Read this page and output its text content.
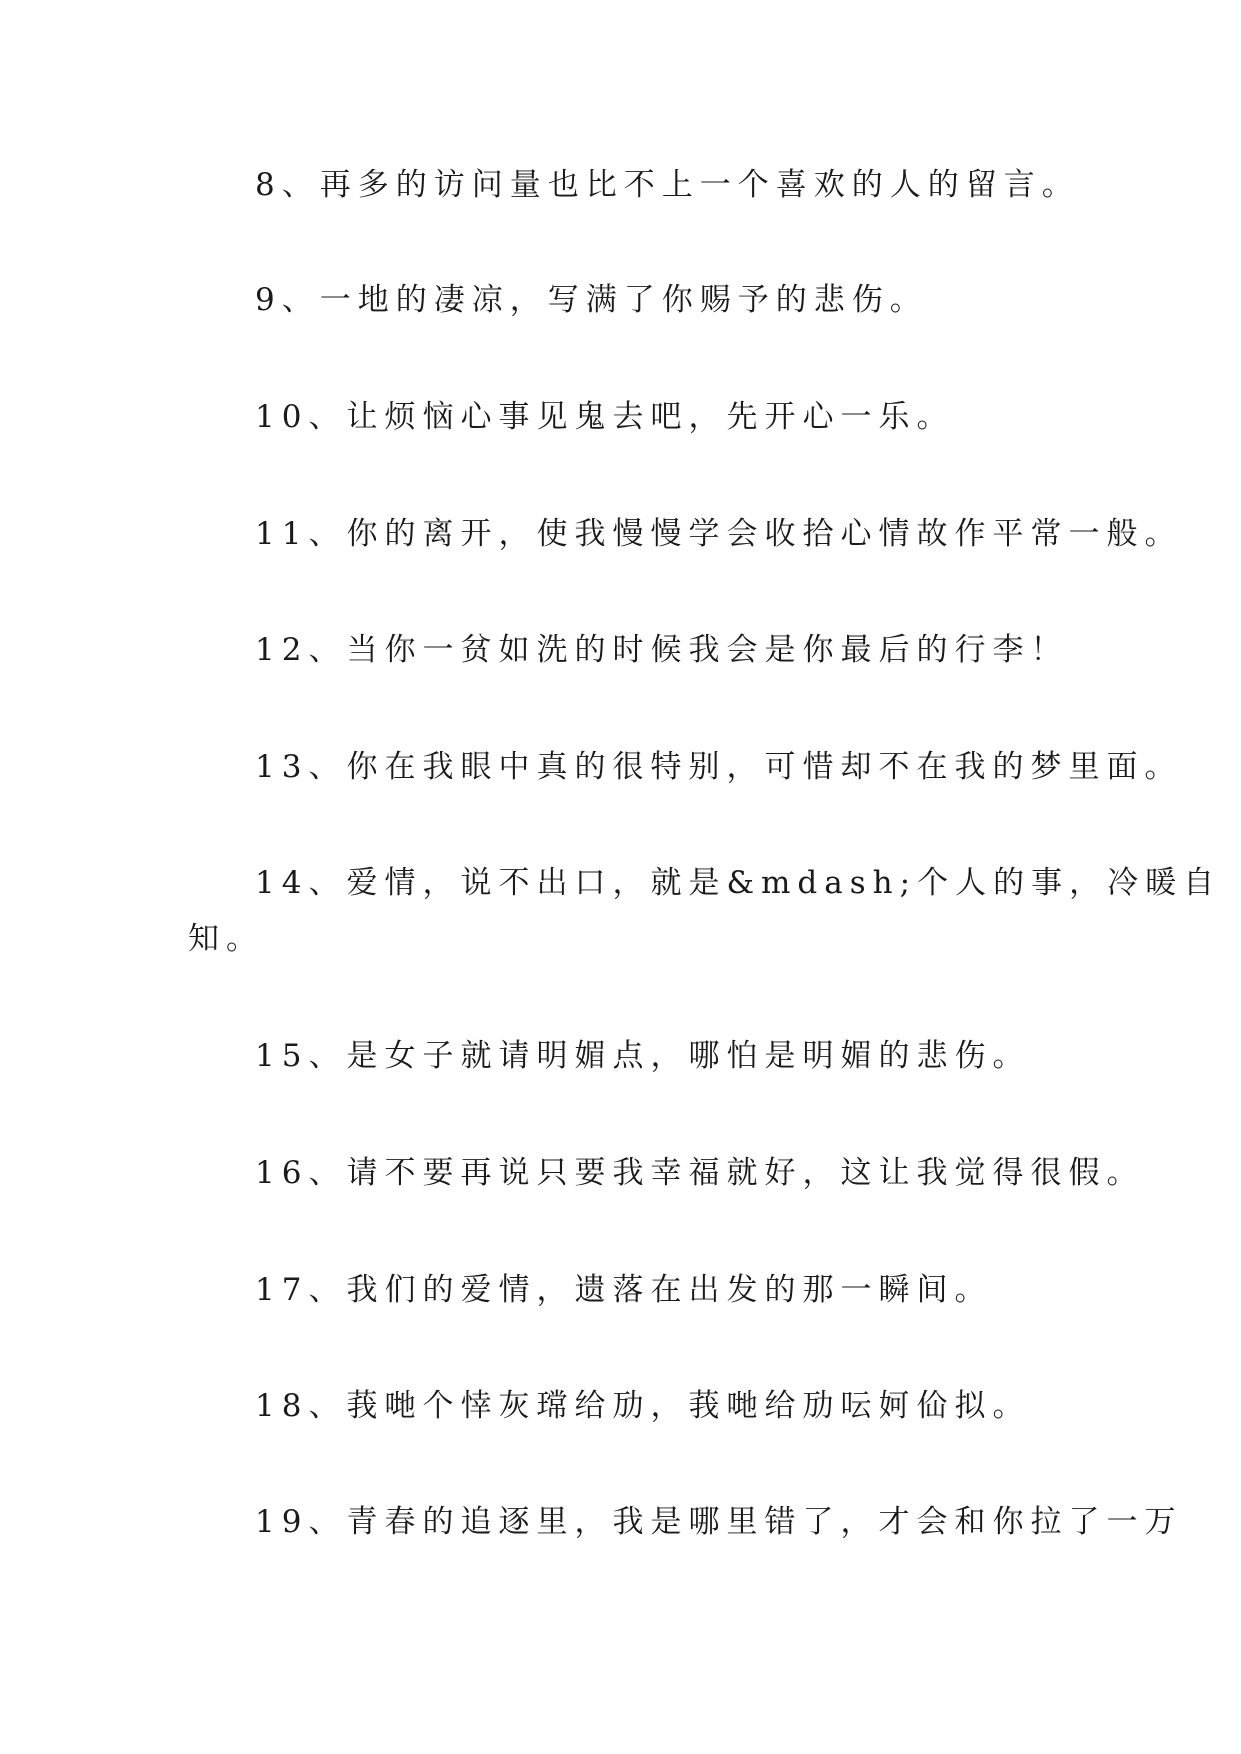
8、再多的访问量也比不上一个喜欢的人的留言。
9、一地的凄凉，写满了你赐予的悲伤。
10、让烦恼心事见鬼去吧，先开心一乐。
11、你的离开，使我慢慢学会收拾心情故作平常一般。
12、当你一贫如洗的时候我会是你最后的行李！
13、你在我眼中真的很特别，可惜却不在我的梦里面。
14、爱情，说不出口，就是&mdash;个人的事，冷暖自
知。
15、是女子就请明媚点，哪怕是明媚的悲伤。
16、请不要再说只要我幸福就好，这让我觉得很假。
17、我们的爱情，遗落在出发的那一瞬间。
18、莪哋个悻灰瑺给劢，莪哋给劢呍妸佡拟。
19、青春的追逐里，我是哪里错了，才会和你拉了一万
